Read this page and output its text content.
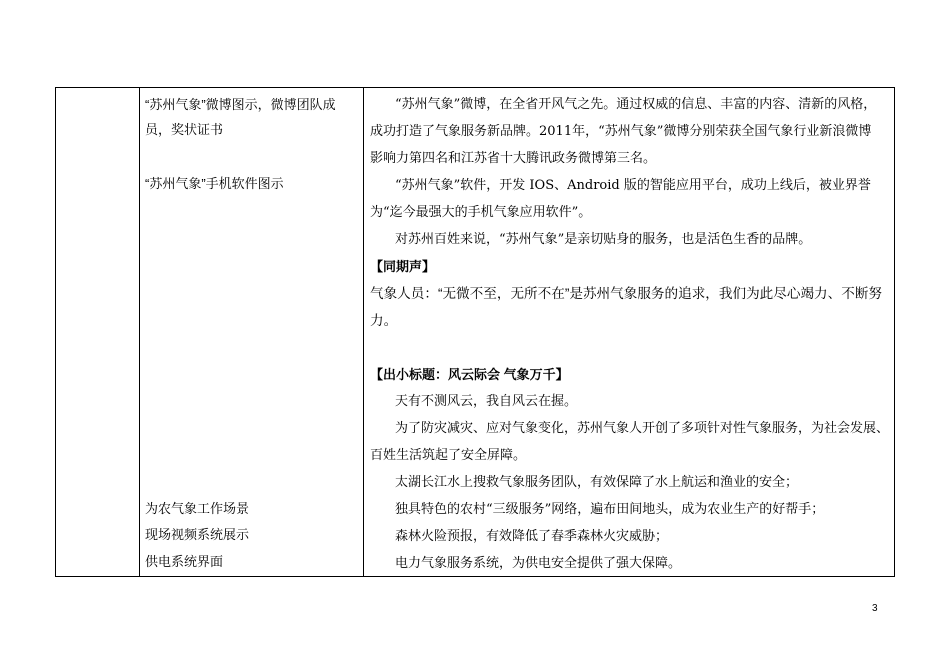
“苏州气象”微博图示，微博团队成
员，奖状证书
“苏州气象”手机软件图示
为农气象工作场景
现场视频系统展示
供电系统界面
“苏州气象”微博，在全省开风气之先。通过权威的信息、丰富的内容、清新的风格，
成功打造了气象服务新品牌。2011年，“苏州气象”微博分别荣获全国气象行业新浪微博
影响力第四名和江苏省十大腾讯政务微博第三名。
“苏州气象”软件，开发 IOS、Android 版的智能应用平台，成功上线后，被业界誉
为“迄今最强大的手机气象应用软件”。
对苏州百姓来说，“苏州气象”是亲切贴身的服务，也是活色生香的品牌。
【同期声】
气象人员：“无微不至，无所不在”是苏州气象服务的追求，我们为此尽心竭力、不断努
力。
【出小标题：风云际会 气象万千】
天有不测风云，我自风云在握。
为了防灾减灾、应对气象变化，苏州气象人开创了多项针对性气象服务，为社会发展、
百姓生活筑起了安全屏障。
太湖长江水上搜救气象服务团队，有效保障了水上航运和渔业的安全；
独具特色的农村“三级服务”网络，遍布田间地头，成为农业生产的好帮手；
森林火险预报，有效降低了春季森林火灾威胁；
电力气象服务系统，为供电安全提供了强大保障。
3
